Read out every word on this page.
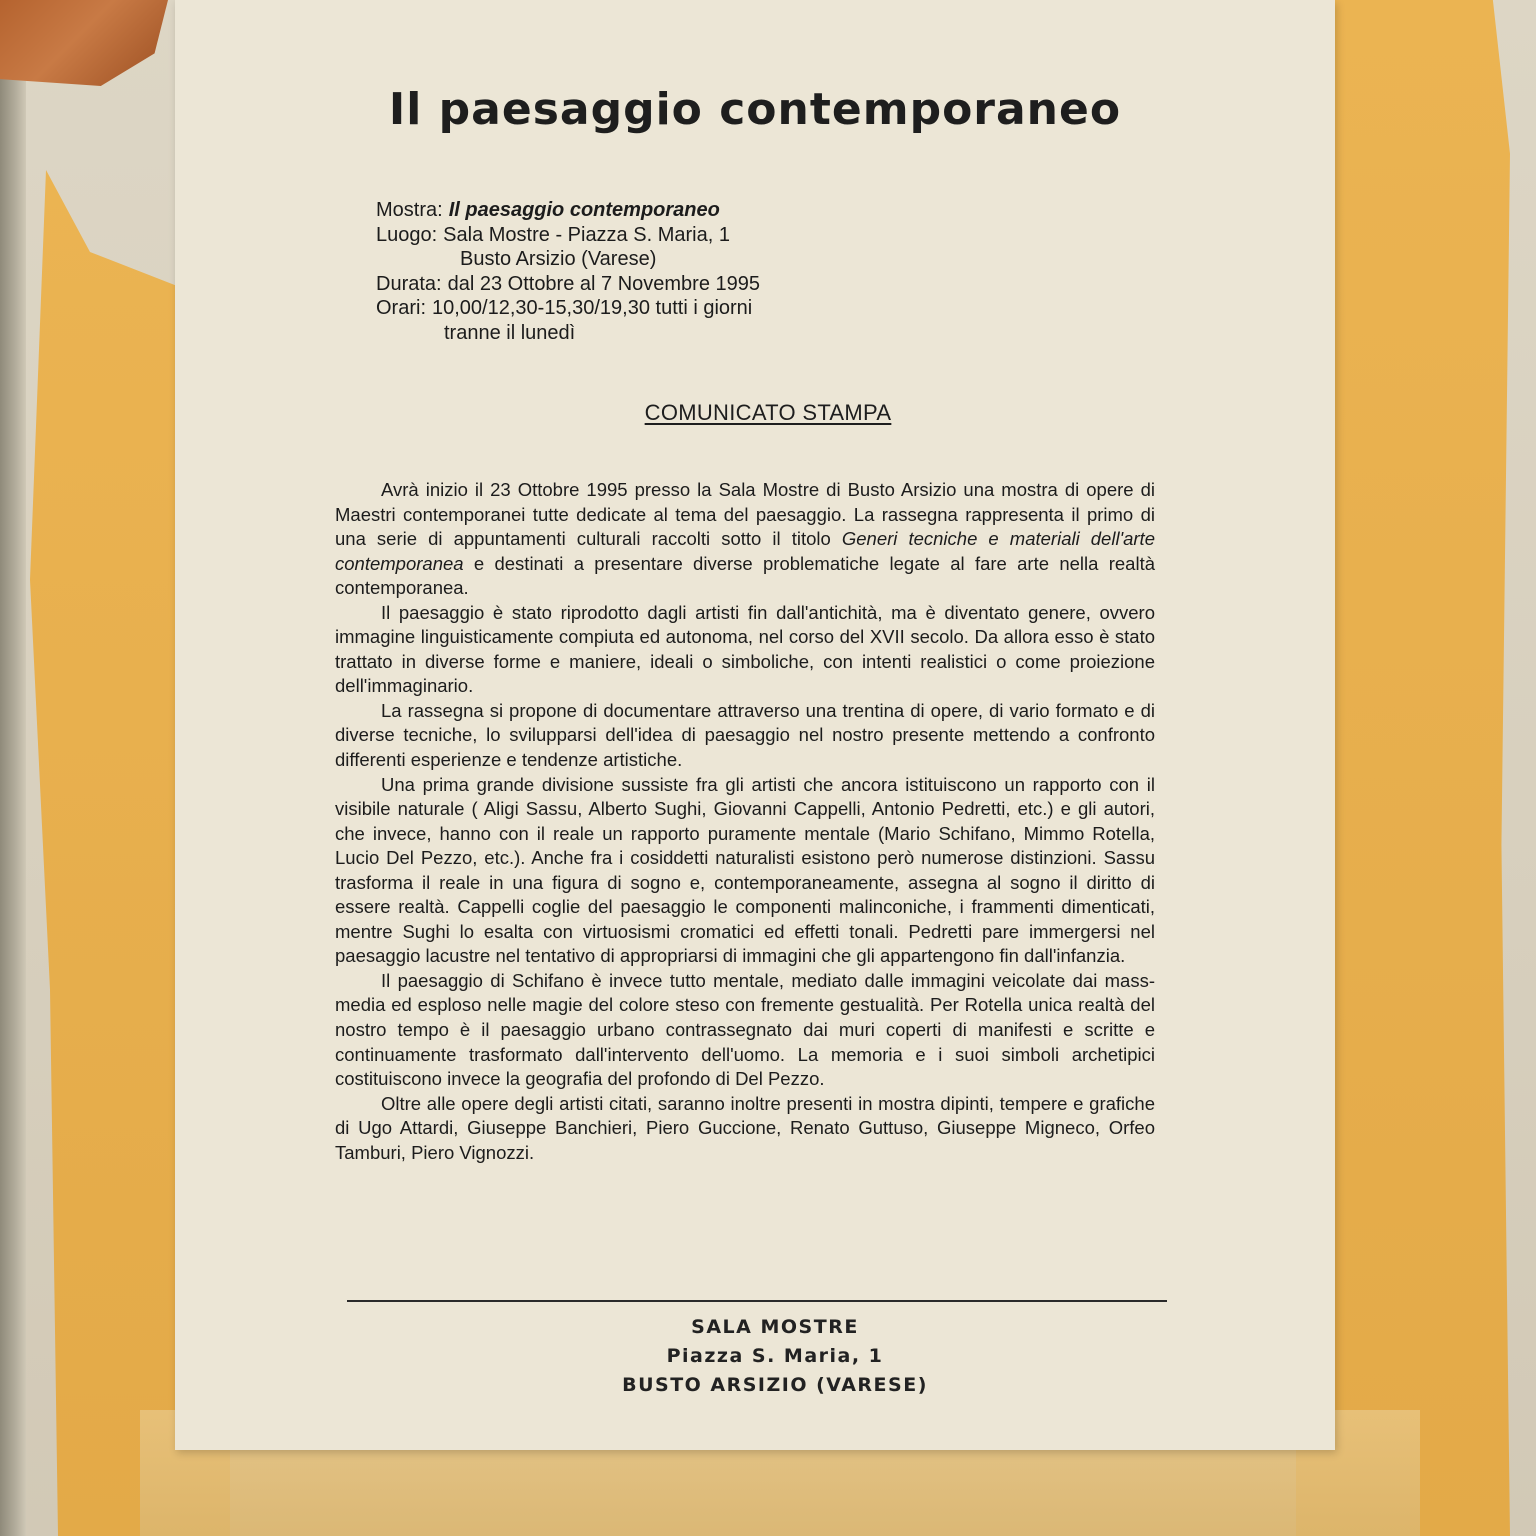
Il paesaggio contemporaneo
Mostra: Il paesaggio contemporaneo
Luogo: Sala Mostre - Piazza S. Maria, 1
Busto Arsizio (Varese)
Durata: dal 23 Ottobre al 7 Novembre 1995
Orari: 10,00/12,30-15,30/19,30 tutti i giorni
tranne il lunedì
COMUNICATO STAMPA

Avrà inizio il 23 Ottobre 1995 presso la Sala Mostre di Busto Arsizio una mostra di opere di Maestri contemporanei tutte dedicate al tema del paesaggio. La rassegna rappresenta il primo di una serie di appuntamenti culturali raccolti sotto il titolo Generi tecniche e materiali dell'arte contemporanea e destinati a presentare diverse problematiche legate al fare arte nella realtà contemporanea.

Il paesaggio è stato riprodotto dagli artisti fin dall'antichità, ma è diventato genere, ovvero immagine linguisticamente compiuta ed autonoma, nel corso del XVII secolo. Da allora esso è stato trattato in diverse forme e maniere, ideali o simboliche, con intenti realistici o come proiezione dell'immaginario.

La rassegna si propone di documentare attraverso una trentina di opere, di vario formato e di diverse tecniche, lo svilupparsi dell'idea di paesaggio nel nostro presente mettendo a confronto differenti esperienze e tendenze artistiche.

Una prima grande divisione sussiste fra gli artisti che ancora istituiscono un rapporto con il visibile naturale ( Aligi Sassu, Alberto Sughi, Giovanni Cappelli, Antonio Pedretti, etc.) e gli autori, che invece, hanno con il reale un rapporto puramente mentale (Mario Schifano, Mimmo Rotella, Lucio Del Pezzo, etc.). Anche fra i cosiddetti naturalisti esistono però numerose distinzioni. Sassu trasforma il reale in una figura di sogno e, contemporaneamente, assegna al sogno il diritto di essere realtà. Cappelli coglie del paesaggio le componenti malinconiche, i frammenti dimenticati, mentre Sughi lo esalta con virtuosismi cromatici ed effetti tonali. Pedretti pare immergersi nel paesaggio lacustre nel tentativo di appropriarsi di immagini che gli appartengono fin dall'infanzia.

Il paesaggio di Schifano è invece tutto mentale, mediato dalle immagini veicolate dai mass-media ed esploso nelle magie del colore steso con fremente gestualità. Per Rotella unica realtà del nostro tempo è il paesaggio urbano contrassegnato dai muri coperti di manifesti e scritte e continuamente trasformato dall'intervento dell'uomo. La memoria e i suoi simboli archetipici costituiscono invece la geografia del profondo di Del Pezzo.

Oltre alle opere degli artisti citati, saranno inoltre presenti in mostra dipinti, tempere e grafiche di Ugo Attardi, Giuseppe Banchieri, Piero Guccione, Renato Guttuso, Giuseppe Migneco, Orfeo Tamburi, Piero Vignozzi.

SALA MOSTRE
Piazza S. Maria, 1
BUSTO ARSIZIO (VARESE)
